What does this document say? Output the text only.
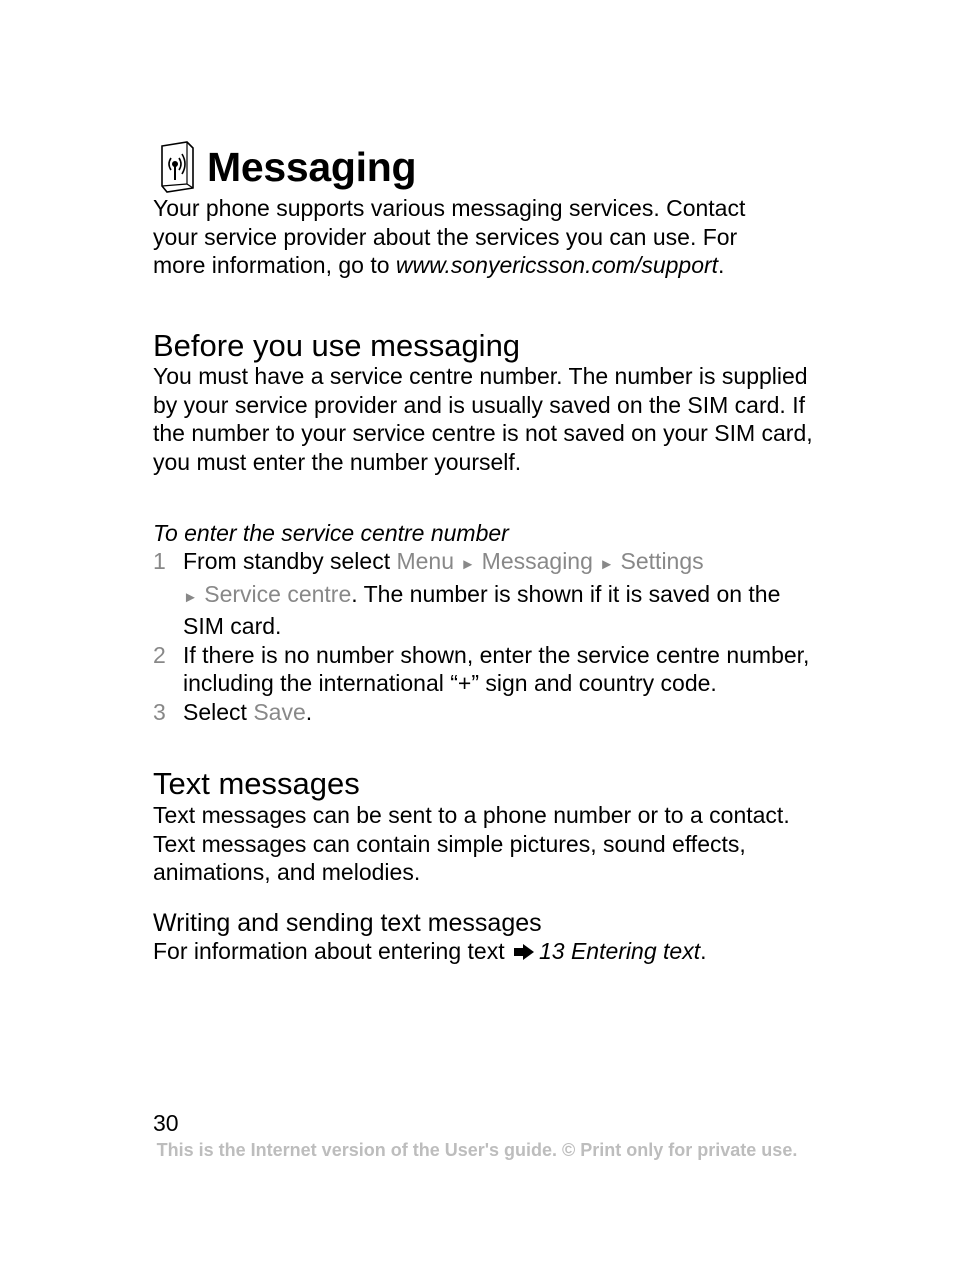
Messaging
Your phone supports various messaging services. Contact your service provider about the services you can use. For more information, go to www.sonyericsson.com/support.
Before you use messaging
You must have a service centre number. The number is supplied by your service provider and is usually saved on the SIM card. If the number to your service centre is not saved on your SIM card, you must enter the number yourself.
To enter the service centre number
1 From standby select Menu ► Messaging ► Settings
► Service centre. The number is shown if it is saved on the SIM card.
2 If there is no number shown, enter the service centre number, including the international “+” sign and country code.
3 Select Save.
Text messages
Text messages can be sent to a phone number or to a contact. Text messages can contain simple pictures, sound effects, animations, and melodies.
Writing and sending text messages
For information about entering text 13 Entering text.
30
This is the Internet version of the User's guide. © Print only for private use.
